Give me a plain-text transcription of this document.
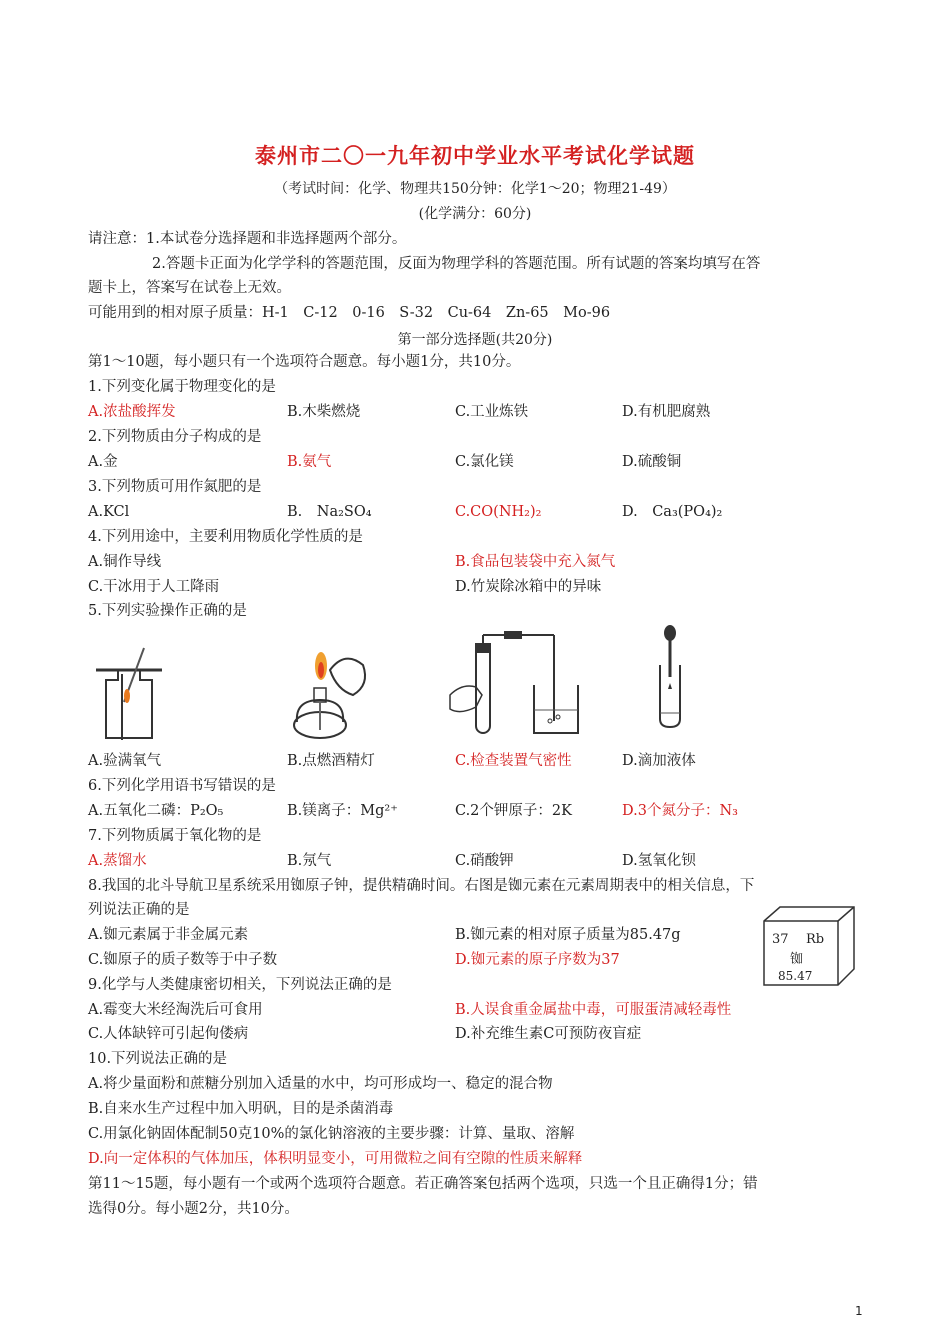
泰州市二〇一九年初中学业水平考试化学试题
（考试时间：化学、物理共150分钟：化学1～20；物理21-49）
(化学满分：60分)
请注意：1.本试卷分选择题和非选择题两个部分。
2.答题卡正面为化学学科的答题范围，反面为物理学科的答题范围。所有试题的答案均填写在答
题卡上，答案写在试卷上无效。
可能用到的相对原子质量：H-1　C-12　0-16　S-32　Cu-64　Zn-65　Mo-96
第一部分选择题(共20分)
第1～10题，每小题只有一个选项符合题意。每小题1分，共10分。
1.下列变化属于物理变化的是
A.浓盐酸挥发	B.木柴燃烧	C.工业炼铁	D.有机肥腐熟
2.下列物质由分子构成的是
A.金	B.氨气	C.氯化镁	D.硫酸铜
3.下列物质可用作氮肥的是
A.KCl	B.　Na₂SO₄	C.CO(NH₂)₂	D.　Ca₃(PO₄)₂
4.下列用途中，主要利用物质化学性质的是
A.铜作导线	B.食品包装袋中充入氮气
C.干冰用于人工降雨	D.竹炭除冰箱中的异味
5.下列实验操作正确的是
A.验满氧气	B.点燃酒精灯	C.检查装置气密性	D.滴加液体
6.下列化学用语书写错误的是
A.五氧化二磷：P₂O₅	B.镁离子：Mg²⁺	C.2个钾原子：2K	D.3个氮分子：N₃
7.下列物质属于氧化物的是
A.蒸馏水	B.氖气	C.硝酸钾	D.氢氧化钡
8.我国的北斗导航卫星系统采用铷原子钟，提供精确时间。右图是铷元素在元素周期表中的相关信息，下
列说法正确的是
A.铷元素属于非金属元素	B.铷元素的相对原子质量为85.47g
C.铷原子的质子数等于中子数	D.铷元素的原子序数为37
37 Rb
铷
85.47
9.化学与人类健康密切相关，下列说法正确的是
A.霉变大米经淘洗后可食用	B.人误食重金属盐中毒，可服蛋清减轻毒性
C.人体缺锌可引起佝偻病	D.补充维生素C可预防夜盲症
10.下列说法正确的是
A.将少量面粉和蔗糖分别加入适量的水中，均可形成均一、稳定的混合物
B.自来水生产过程中加入明矾，目的是杀菌消毒
C.用氯化钠固体配制50克10%的氯化钠溶液的主要步骤：计算、量取、溶解
D.向一定体积的气体加压，体积明显变小，可用微粒之间有空隙的性质来解释
第11～15题，每小题有一个或两个选项符合题意。若正确答案包括两个选项，只选一个且正确得1分；错
选得0分。每小题2分，共10分。
1
